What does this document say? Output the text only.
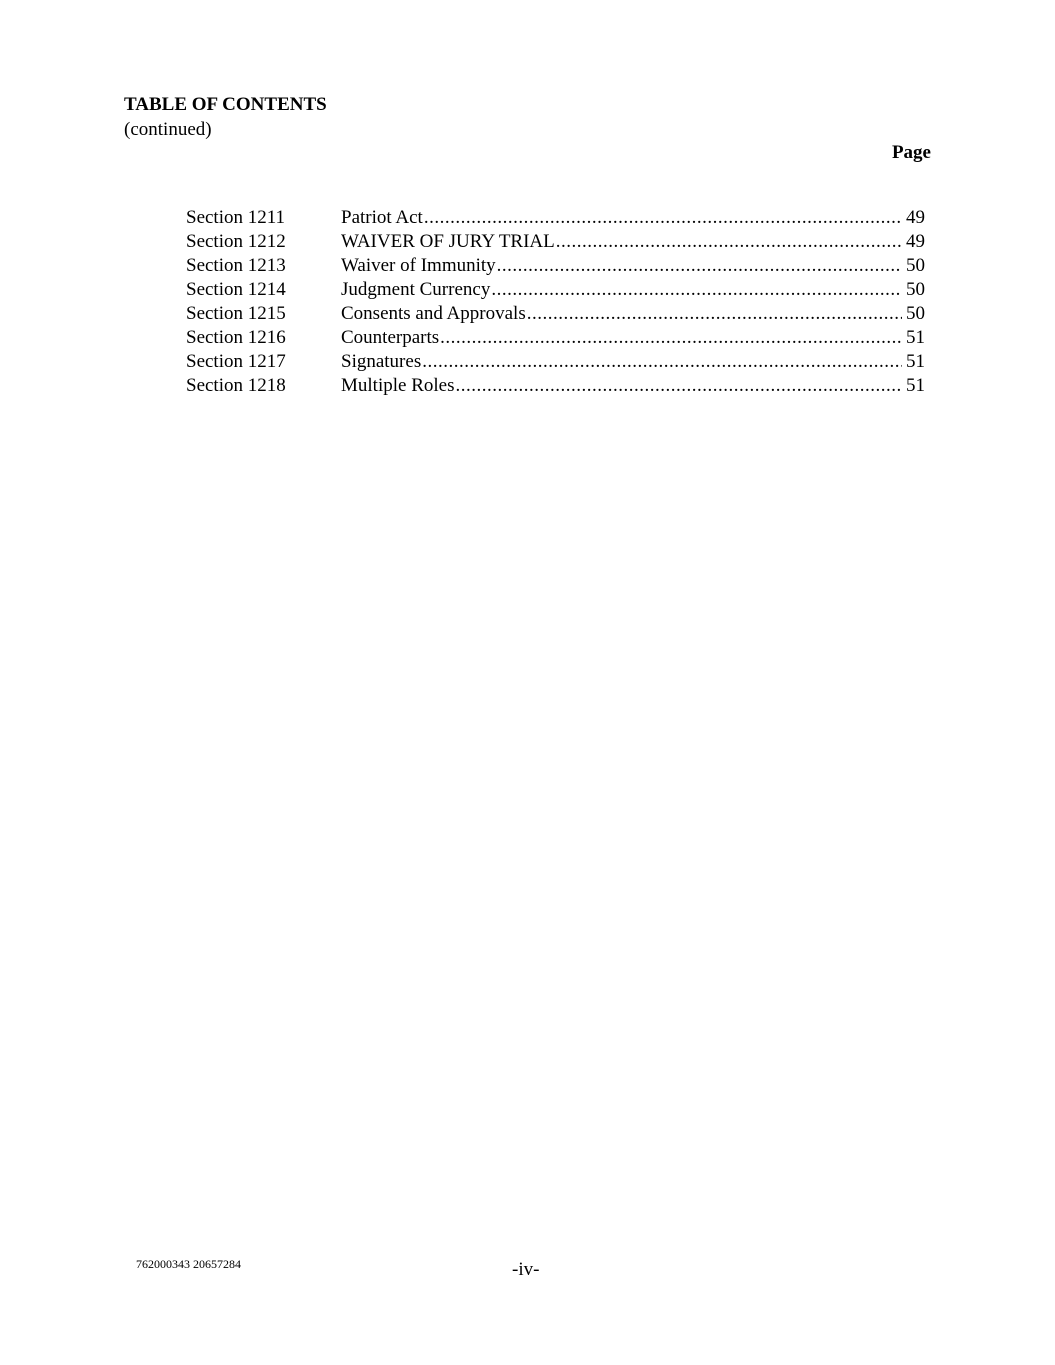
TABLE OF CONTENTS
(continued)
Page
Section 1211	Patriot Act .....	49
Section 1212	WAIVER OF JURY TRIAL .....	49
Section 1213	Waiver of Immunity .....	50
Section 1214	Judgment Currency .....	50
Section 1215	Consents and Approvals .....	50
Section 1216	Counterparts .....	51
Section 1217	Signatures .....	51
Section 1218	Multiple Roles .....	51
762000343 20657284	-iv-
